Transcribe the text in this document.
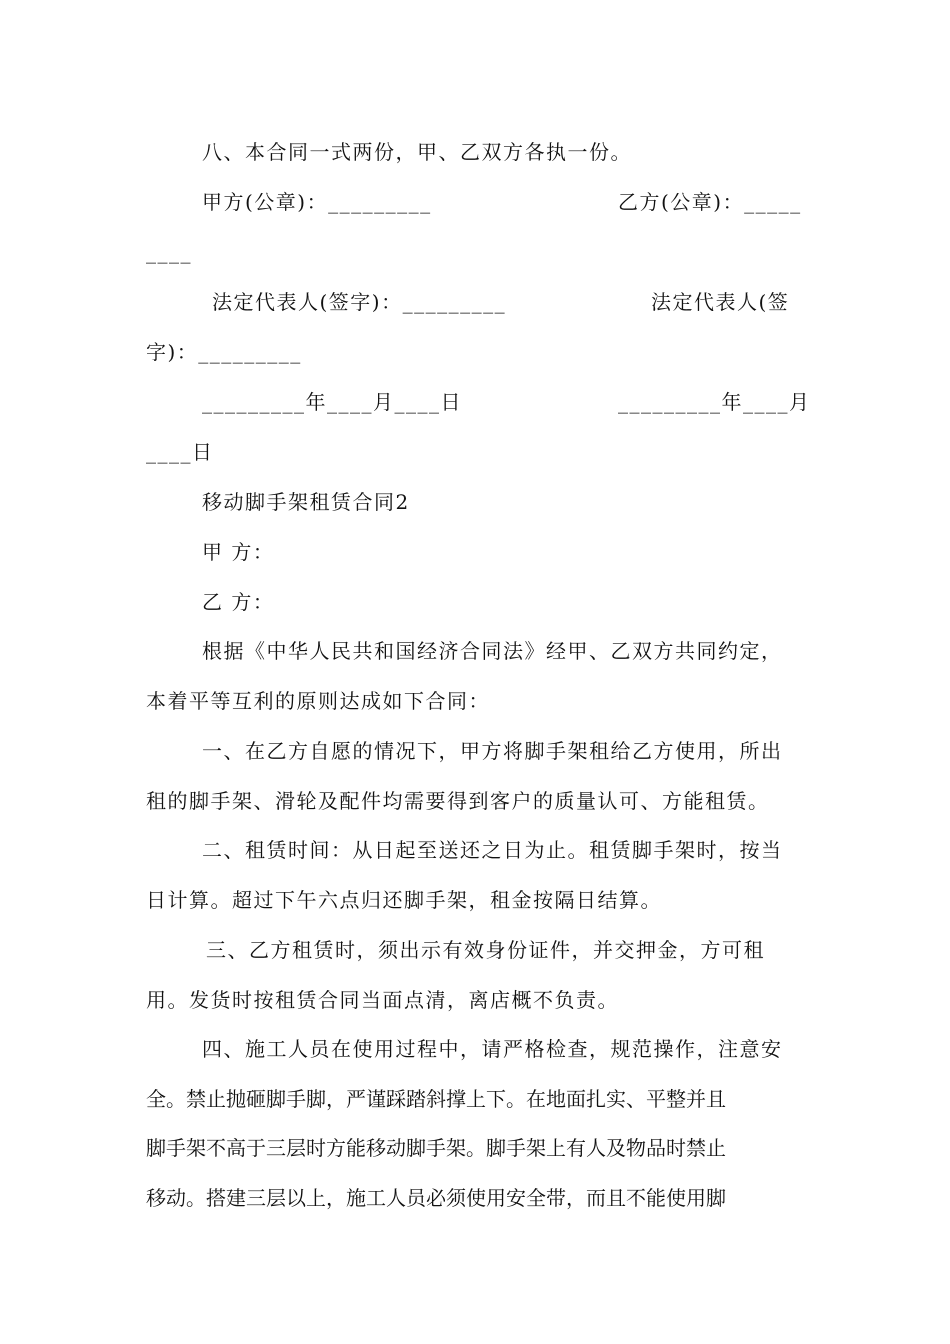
八、本合同一式两份，甲、乙双方各执一份。
甲方(公章)：_________	乙方(公章)：_____
____
法定代表人(签字)：_________	法定代表人(签
字)：_________
_________年____月____日	_________年____月
____日
移动脚手架租赁合同2
甲 方：
乙 方：
根据《中华人民共和国经济合同法》经甲、乙双方共同约定，
本着平等互利的原则达成如下合同：
一、在乙方自愿的情况下，甲方将脚手架租给乙方使用，所出
租的脚手架、滑轮及配件均需要得到客户的质量认可、方能租赁。
二、租赁时间：从日起至送还之日为止。租赁脚手架时，按当
日计算。超过下午六点归还脚手架，租金按隔日结算。
三、乙方租赁时，须出示有效身份证件，并交押金，方可租
用。发货时按租赁合同当面点清，离店概不负责。
四、施工人员在使用过程中，请严格检查，规范操作，注意安
全。禁止抛砸脚手脚，严谨踩踏斜撑上下。在地面扎实、平整并且
脚手架不高于三层时方能移动脚手架。脚手架上有人及物品时禁止
移动。搭建三层以上，施工人员必须使用安全带，而且不能使用脚
